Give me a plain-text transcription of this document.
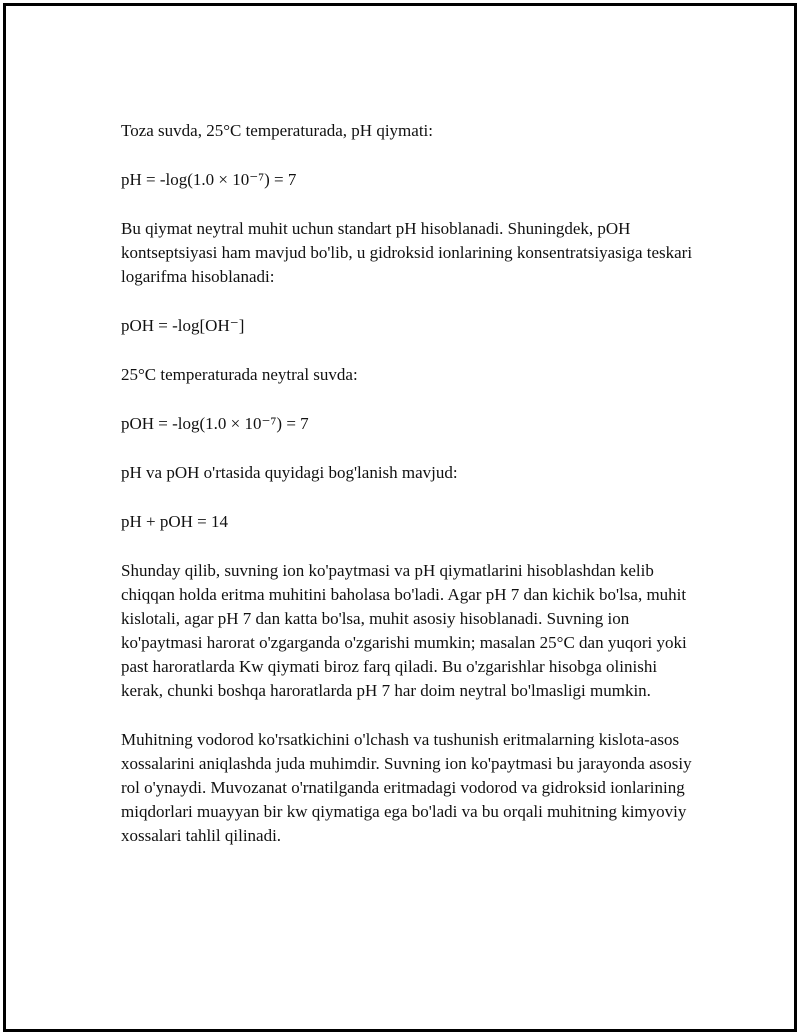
Toza suvda, 25°C temperaturada, pH qiymati:

pH = -log(1.0 × 10⁻⁷) = 7

Bu qiymat neytral muhit uchun standart pH hisoblanadi. Shuningdek, pOH kontseptsiyasi ham mavjud bo'lib, u gidroksid ionlarining konsentratsiyasiga teskari logarifma hisoblanadi:

pOH = -log[OH⁻]

25°C temperaturada neytral suvda:

pOH = -log(1.0 × 10⁻⁷) = 7

pH va pOH o'rtasida quyidagi bog'lanish mavjud:

pH + pOH = 14

Shunday qilib, suvning ion ko'paytmasi va pH qiymatlarini hisoblashdan kelib chiqqan holda eritma muhitini baholasa bo'ladi. Agar pH 7 dan kichik bo'lsa, muhit kislotali, agar pH 7 dan katta bo'lsa, muhit asosiy hisoblanadi. Suvning ion ko'paytmasi harorat o'zgarganda o'zgarishi mumkin; masalan 25°C dan yuqori yoki past haroratlarda Kw qiymati biroz farq qiladi. Bu o'zgarishlar hisobga olinishi kerak, chunki boshqa haroratlarda pH 7 har doim neytral bo'lmasligi mumkin.

Muhitning vodorod ko'rsatkichini o'lchash va tushunish eritmalarning kislota-asos xossalarini aniqlashda juda muhimdir. Suvning ion ko'paytmasi bu jarayonda asosiy rol o'ynaydi. Muvozanat o'rnatilganda eritmadagi vodorod va gidroksid ionlarining miqdorlari muayyan bir kw qiymatiga ega bo'ladi va bu orqali muhitning kimyoviy xossalari tahlil qilinadi.
